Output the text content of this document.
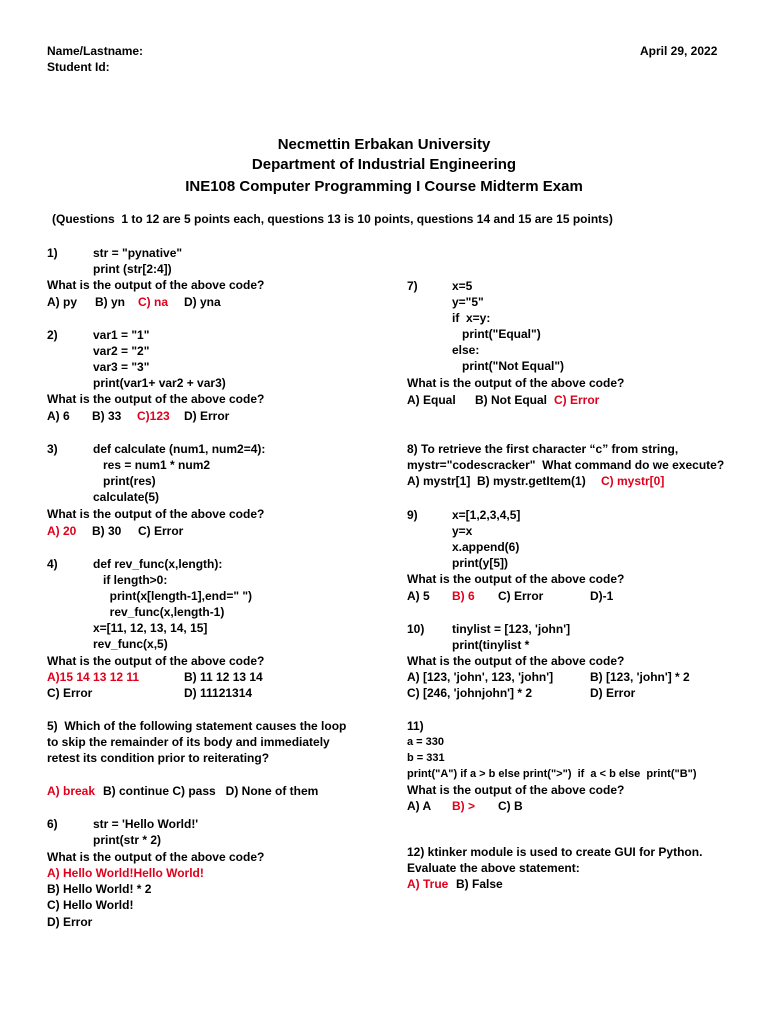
Name/Lastname:
Student Id:
April 29, 2022
Necmettin Erbakan University
Department of Industrial Engineering
INE108 Computer Programming I Course Midterm Exam
(Questions  1 to 12 are 5 points each, questions 13 is 10 points, questions 14 and 15 are 15 points)
1)	str = "pynative"
print (str[2:4])
What is the output of the above code?
A) py B) yn C) na D) yna
2)	var1 = "1"
var2 = "2"
var3 = "3"
print(var1+ var2 + var3)
What is the output of the above code?
A) 6 B) 33 C)123 D) Error
3)	def calculate (num1, num2=4):
res = num1 * num2
print(res)
calculate(5)
What is the output of the above code?
A) 20 B) 30 C) Error
4)	def rev_func(x,length):
if length>0:
print(x[length-1],end=" ")
rev_func(x,length-1)
x=[11, 12, 13, 14, 15]
rev_func(x,5)
What is the output of the above code?
A)15 14 13 12 11	B) 11 12 13 14
C) Error	D) 11121314
5)  Which of the following statement causes the loop
to skip the remainder of its body and immediately
retest its condition prior to reiterating?
A) break B) continue C) pass   D) None of them
6)	str = 'Hello World!'
print(str * 2)
What is the output of the above code?
A) Hello World!Hello World!
B) Hello World! * 2
C) Hello World!
D) Error
7)	x=5
y="5"
if  x=y:
print("Equal")
else:
print("Not Equal")
What is the output of the above code?
A) Equal B) Not Equal C) Error
8) To retrieve the first character “c” from string,
mystr="codescracker"  What command do we execute?
A) mystr[1]  B) mystr.getItem(1) C) mystr[0]
9)	x=[1,2,3,4,5]
y=x
x.append(6)
print(y[5])
What is the output of the above code?
A) 5 B) 6 C) Error	D)-1
10) tinylist = [123, 'john']
print(tinylist *
What is the output of the above code?
A) [123, 'john', 123, 'john']	B) [123, 'john'] * 2
C) [246, 'johnjohn'] * 2	D) Error
11)
a = 330
b = 331
print("A") if a > b else print(">")  if  a < b else  print("B")
What is the output of the above code?
A) A B) > C) B
12) ktinker module is used to create GUI for Python.
Evaluate the above statement:
A) True B) False
